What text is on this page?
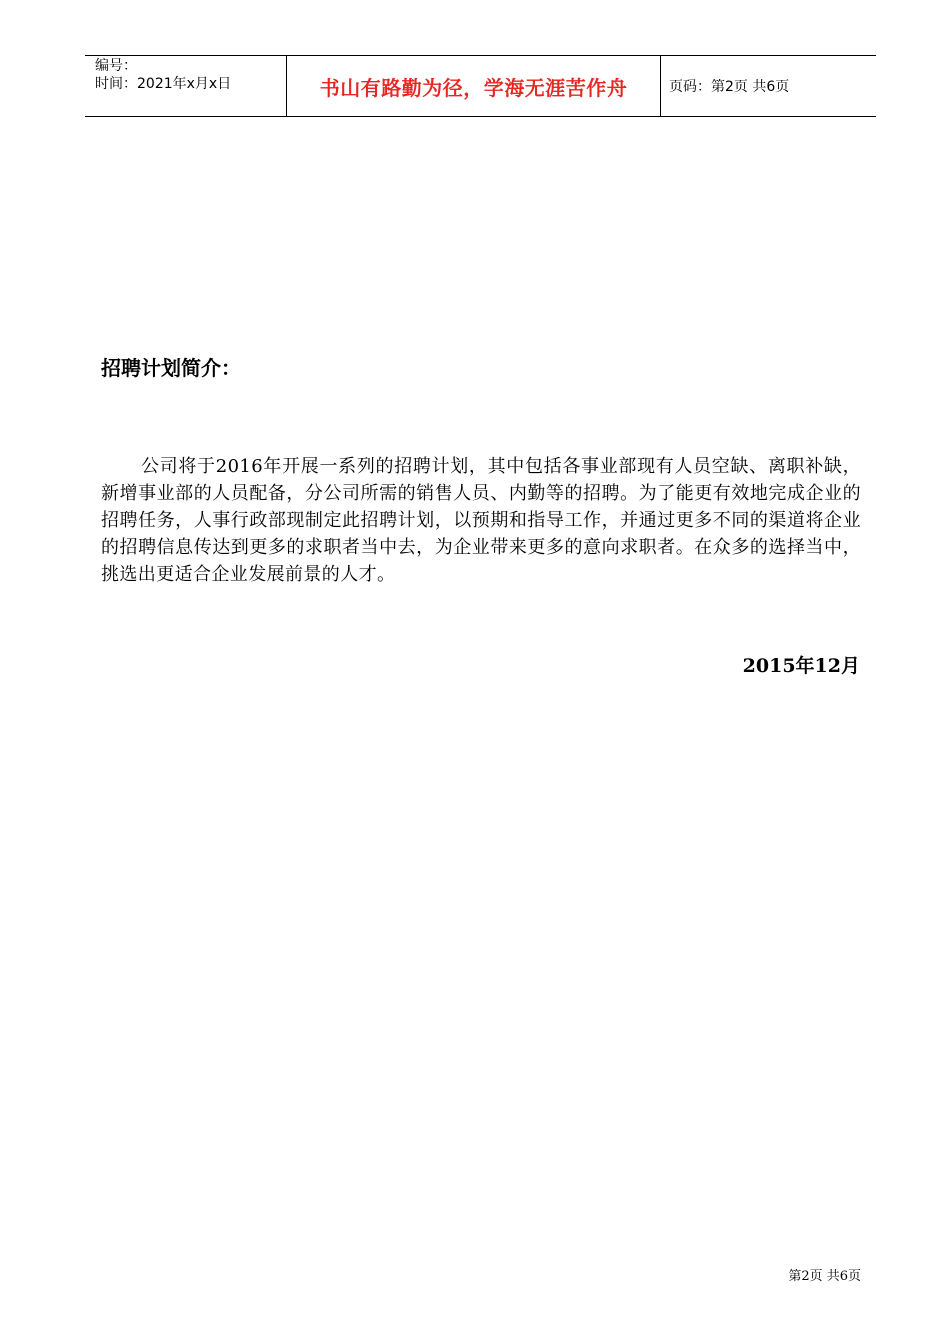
编号：
时间：2021年x月x日	书山有路勤为径，学海无涯苦作舟	页码：第2页 共6页
招聘计划简介：
公司将于2016年开展一系列的招聘计划，其中包括各事业部现有人员空缺、离职补缺，新增事业部的人员配备，分公司所需的销售人员、内勤等的招聘。为了能更有效地完成企业的招聘任务，人事行政部现制定此招聘计划，以预期和指导工作，并通过更多不同的渠道将企业的招聘信息传达到更多的求职者当中去，为企业带来更多的意向求职者。在众多的选择当中，挑选出更适合企业发展前景的人才。
2015年12月
第2页 共6页
